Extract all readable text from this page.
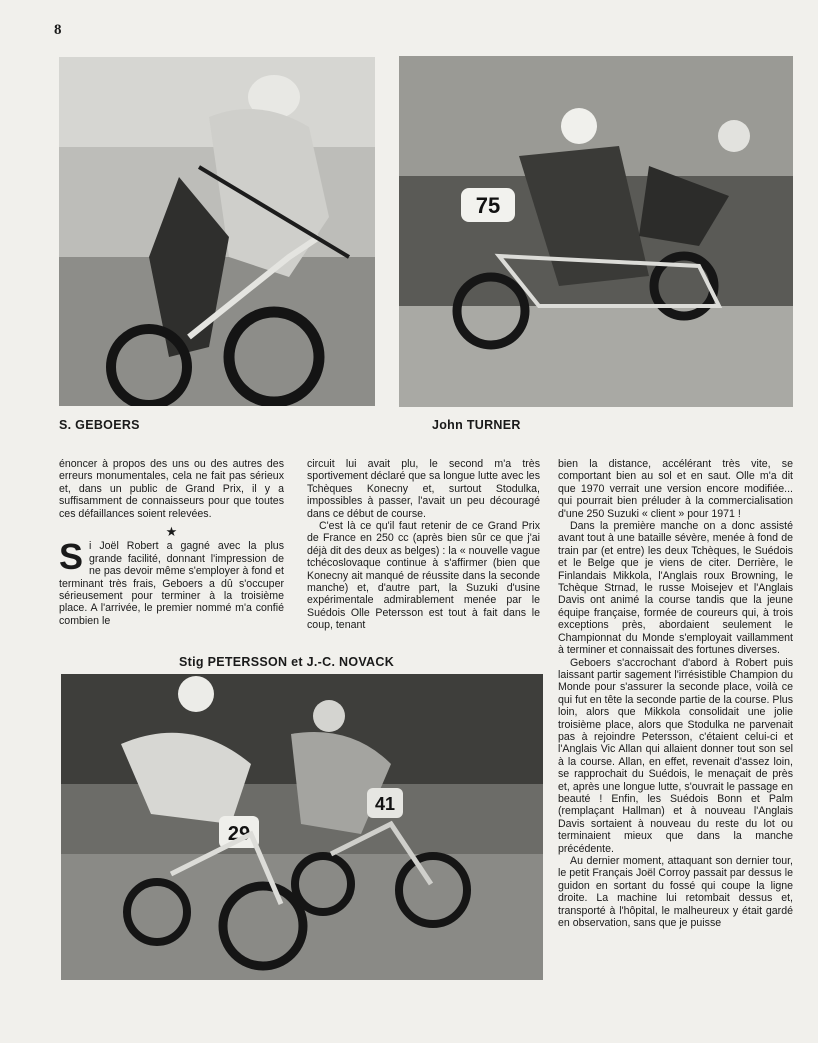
8
75
S. GEBOERS	John TURNER

énoncer à propos des uns ou des autres des erreurs monumentales, cela ne fait pas sérieux et, dans un public de Grand Prix, il y a suffisamment de connaisseurs pour que toutes ces défaillances soient relevées.

★

Si Joël Robert a gagné avec la plus grande facilité, donnant l'impression de ne pas devoir même s'employer à fond et terminant très frais, Geboers a dû s'occuper sérieusement pour terminer à la troisième place. A l'arrivée, le premier nommé m'a confié combien le

circuit lui avait plu, le second m'a très sportivement déclaré que sa longue lutte avec les Tchèques Konecny et, surtout Stodulka, impossibles à passer, l'avait un peu découragé dans ce début de course.

C'est là ce qu'il faut retenir de ce Grand Prix de France en 250 cc (après bien sûr ce que j'ai déjà dit des deux as belges) : la « nouvelle vague tchécoslovaque continue à s'affirmer (bien que Konecny ait manqué de réussite dans la seconde manche) et, d'autre part, la Suzuki d'usine expérimentale admirablement menée par le Suédois Olle Petersson est tout à fait dans le coup, tenant

bien la distance, accélérant très vite, se comportant bien au sol et en saut. Olle m'a dit que 1970 verrait une version encore modifiée... qui pourrait bien préluder à la commercialisation d'une 250 Suzuki « client » pour 1971 !

Dans la première manche on a donc assisté avant tout à une bataille sévère, menée à fond de train par (et entre) les deux Tchèques, le Suédois et le Belge que je viens de citer. Derrière, le Finlandais Mikkola, l'Anglais roux Browning, le Tchèque Strnad, le russe Moisejev et l'Anglais Davis ont animé la course tandis que la jeune équipe française, formée de coureurs qui, à trois exceptions près, abordaient seulement le Championnat du Monde s'employait vaillamment à terminer et connaissait des fortunes diverses.

Geboers s'accrochant d'abord à Robert puis laissant partir sagement l'irrésistible Champion du Monde pour s'assurer la seconde place, voilà ce qui fut en tête la seconde partie de la course. Plus loin, alors que Mikkola consolidait une jolie troisième place, alors que Stodulka ne parvenait pas à rejoindre Petersson, c'étaient celui-ci et l'Anglais Vic Allan qui allaient donner tout son sel à la course. Allan, en effet, revenait d'assez loin, se rapprochait du Suédois, le menaçait de près et, après une longue lutte, s'ouvrait le passage en beauté ! Enfin, les Suédois Bonn et Palm (remplaçant Hallman) et à nouveau l'Anglais Davis sortaient à nouveau du reste du lot ou terminaient mieux que dans la manche précédente.

Au dernier moment, attaquant son dernier tour, le petit Français Joël Corroy passait par dessus le guidon en sortant du fossé qui coupe la ligne droite. La machine lui retombait dessus et, transporté à l'hôpital, le malheureux y était gardé en observation, sans que je puisse

Stig PETERSSON et J.-C. NOVACK
29
41
